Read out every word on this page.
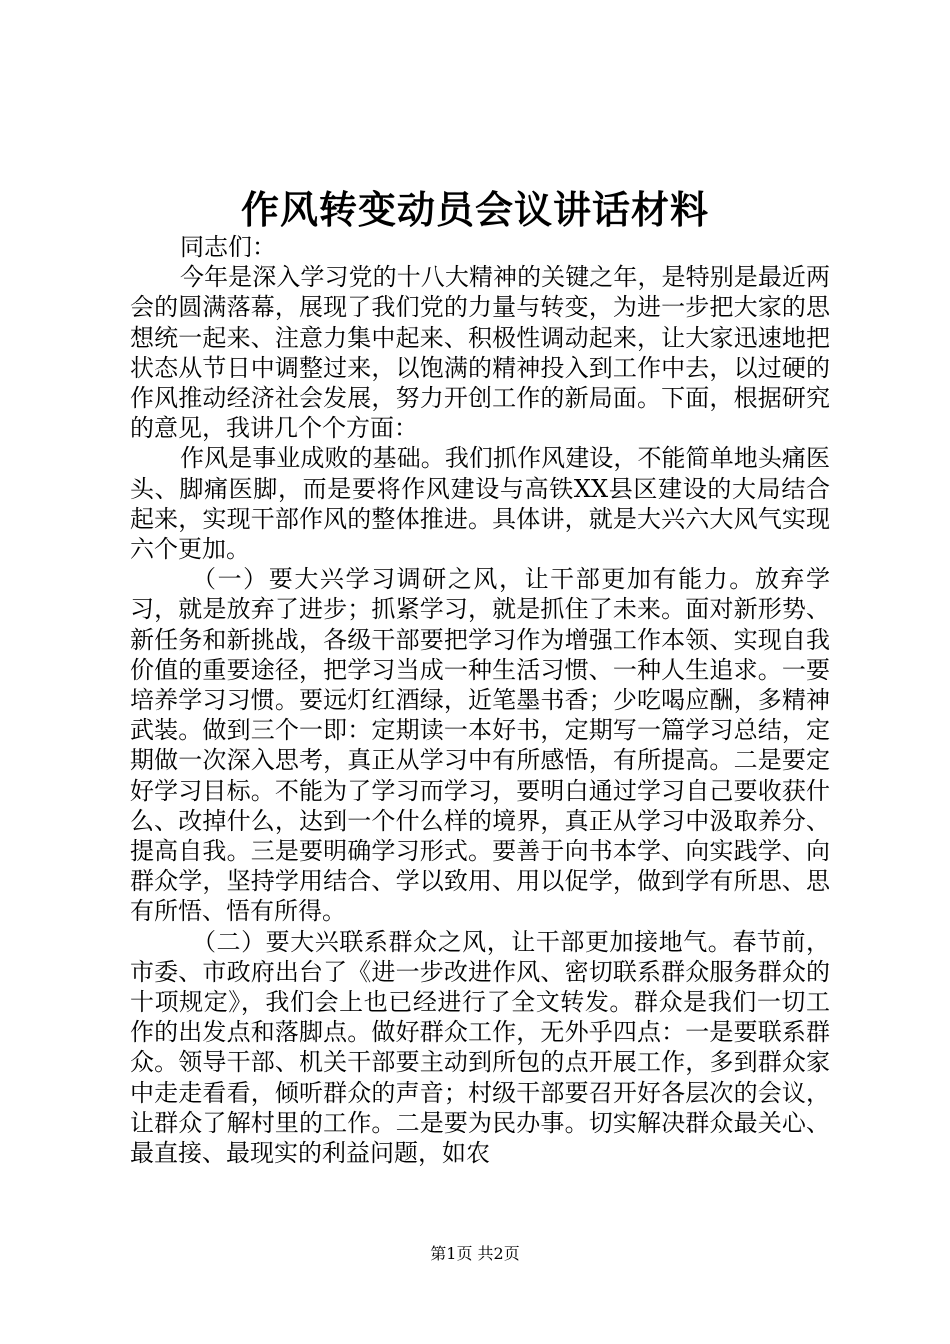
作风转变动员会议讲话材料

同志们：

今年是深入学习党的十八大精神的关键之年，是特别是最近两会的圆满落幕，展现了我们党的力量与转变，为进一步把大家的思想统一起来、注意力集中起来、积极性调动起来，让大家迅速地把状态从节日中调整过来，以饱满的精神投入到工作中去，以过硬的作风推动经济社会发展，努力开创工作的新局面。下面，根据研究的意见，我讲几个个方面：

作风是事业成败的基础。我们抓作风建设，不能简单地头痛医头、脚痛医脚，而是要将作风建设与高铁XX县区建设的大局结合起来，实现干部作风的整体推进。具体讲，就是大兴六大风气实现六个更加。

（一）要大兴学习调研之风，让干部更加有能力。放弃学习，就是放弃了进步；抓紧学习，就是抓住了未来。面对新形势、新任务和新挑战，各级干部要把学习作为增强工作本领、实现自我价值的重要途径，把学习当成一种生活习惯、一种人生追求。一要培养学习习惯。要远灯红酒绿，近笔墨书香；少吃喝应酬，多精神武装。做到三个一即：定期读一本好书，定期写一篇学习总结，定期做一次深入思考，真正从学习中有所感悟，有所提高。二是要定好学习目标。不能为了学习而学习，要明白通过学习自己要收获什么、改掉什么，达到一个什么样的境界，真正从学习中汲取养分、提高自我。三是要明确学习形式。要善于向书本学、向实践学、向群众学，坚持学用结合、学以致用、用以促学，做到学有所思、思有所悟、悟有所得。

（二）要大兴联系群众之风，让干部更加接地气。春节前，市委、市政府出台了《进一步改进作风、密切联系群众服务群众的十项规定》，我们会上也已经进行了全文转发。群众是我们一切工作的出发点和落脚点。做好群众工作，无外乎四点：一是要联系群众。领导干部、机关干部要主动到所包的点开展工作，多到群众家中走走看看，倾听群众的声音；村级干部要召开好各层次的会议，让群众了解村里的工作。二是要为民办事。切实解决群众最关心、最直接、最现实的利益问题，如农

第1页 共2页
